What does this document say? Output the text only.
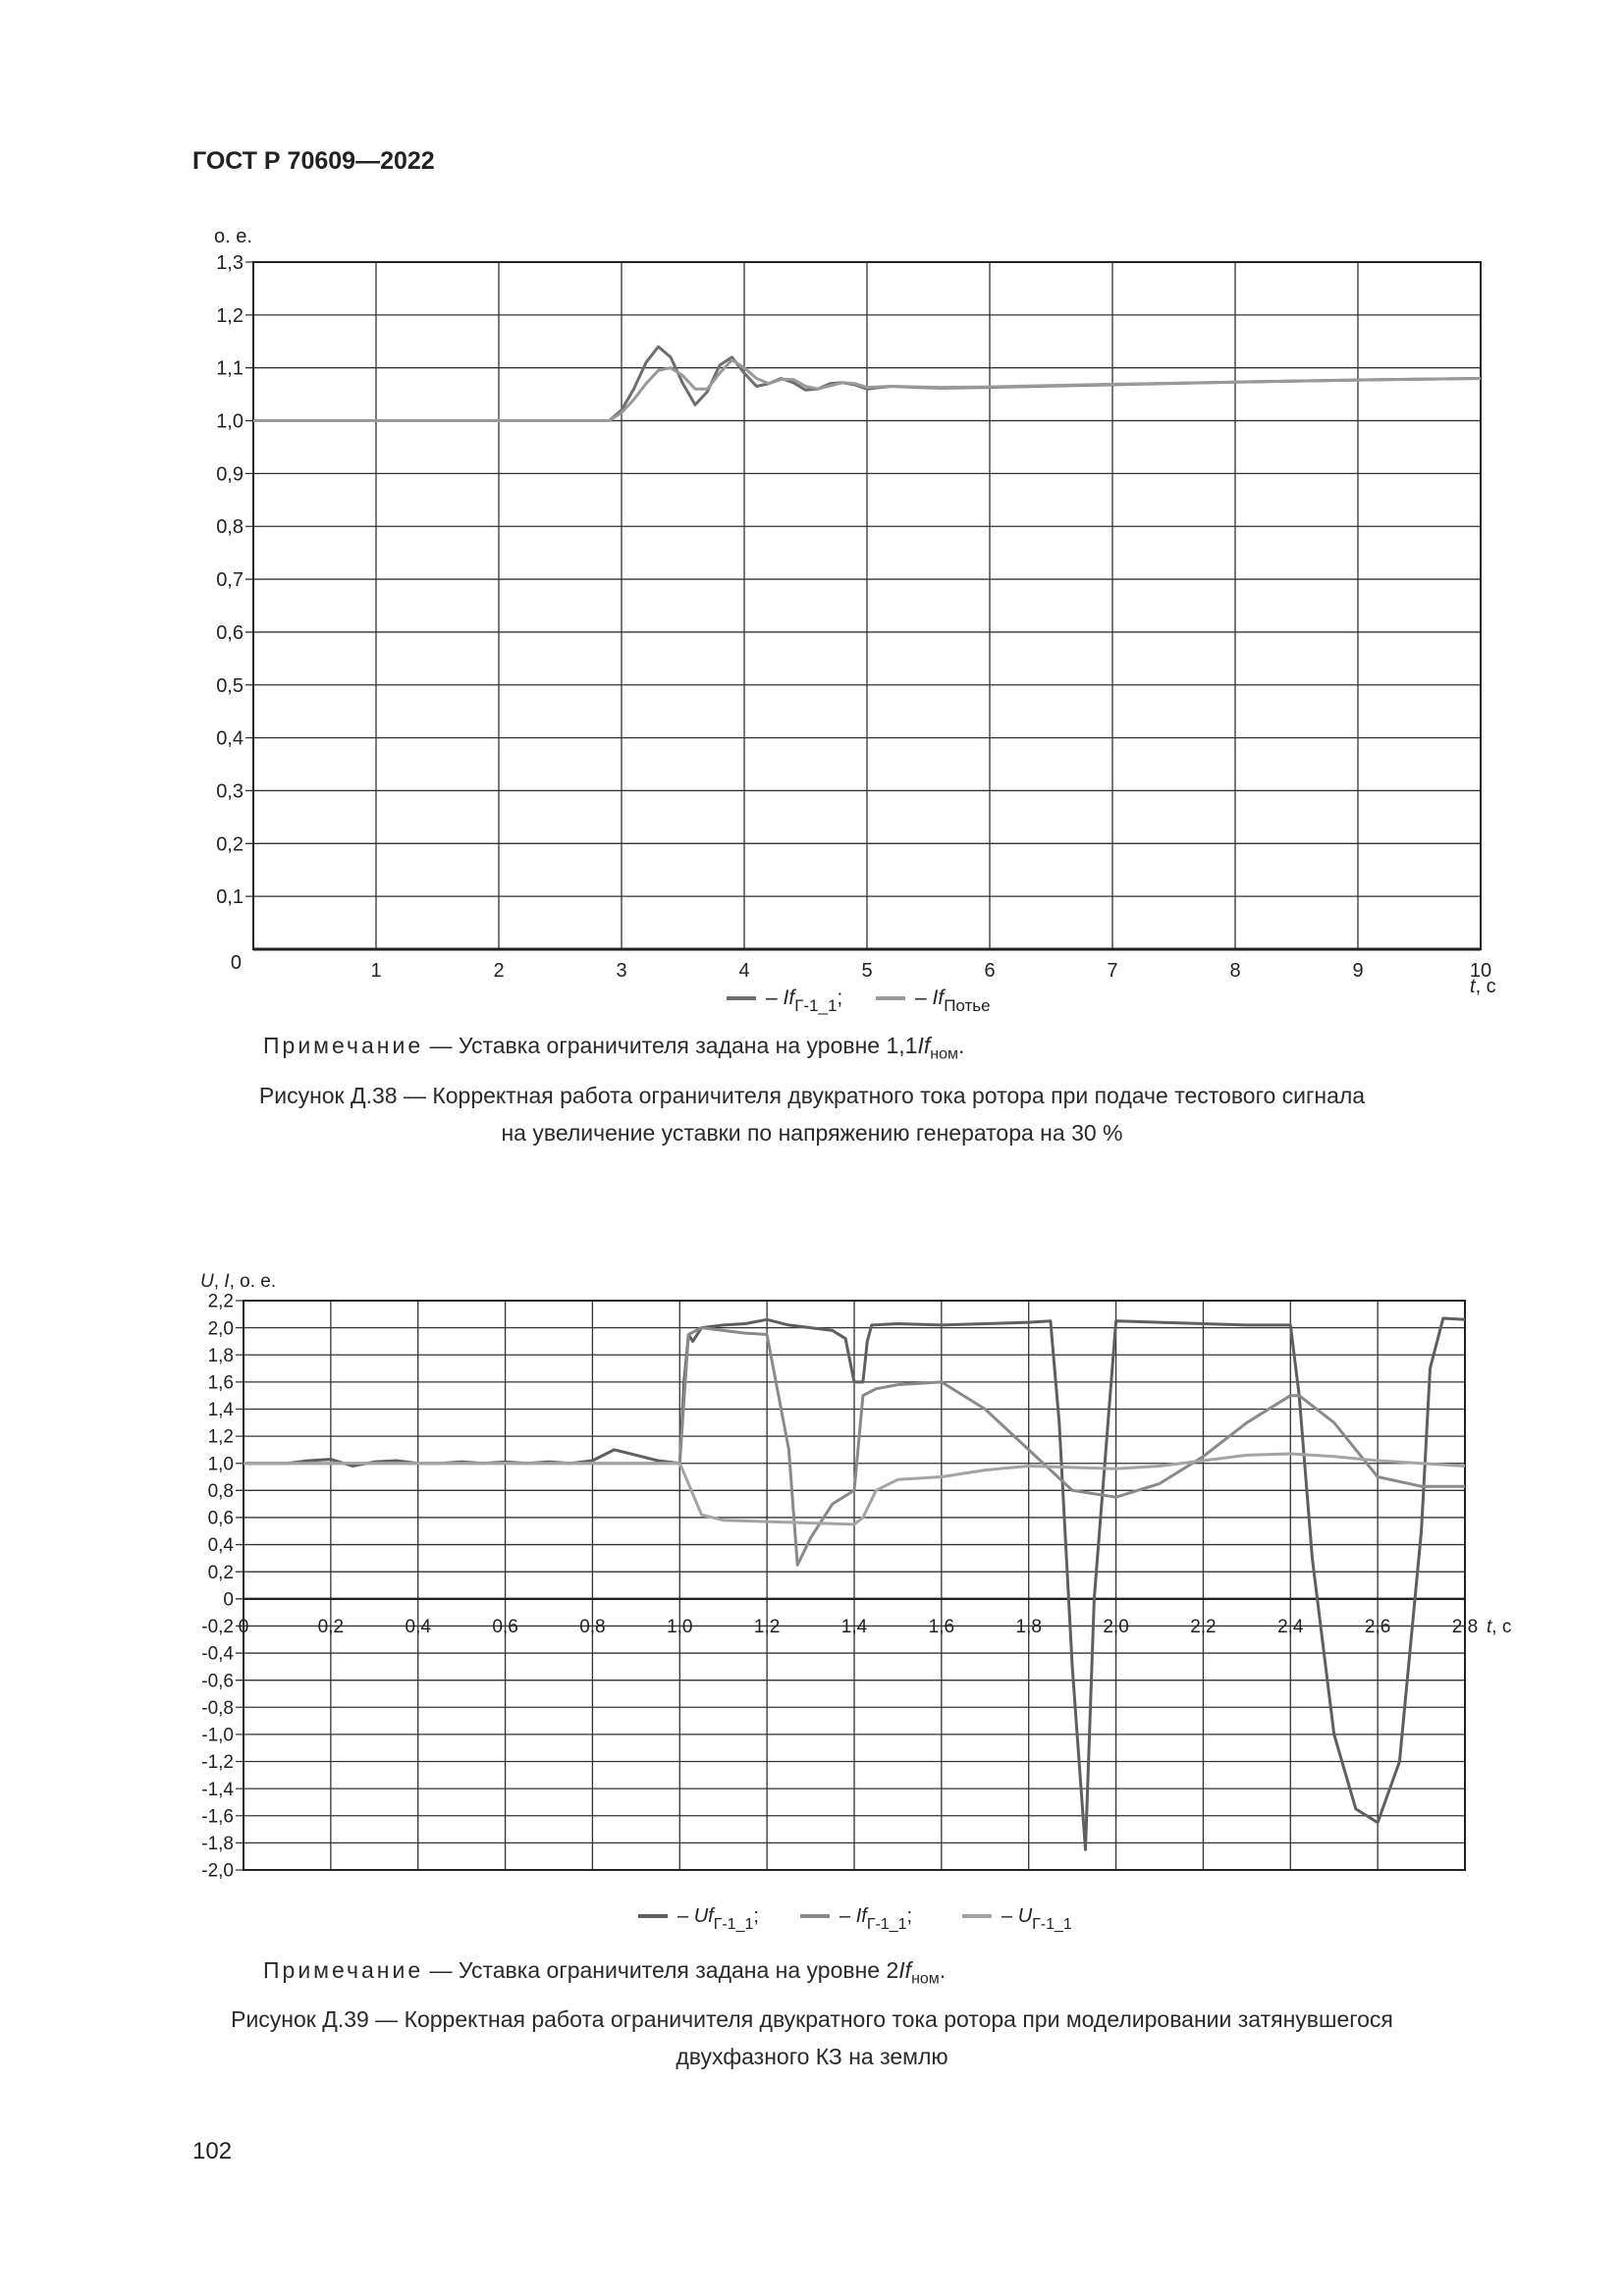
ГОСТ Р 70609—2022
0,1
0,2
0,3
0,4
0,5
0,6
0,7
0,8
0,9
1,0
1,1
1,2
1,3
1	2	3	4	5	6	7	8	9	10
0
– $If_{Г-1\_1}$;	– $If_{Потье}$
о. е.
t, с
Примечание — Уставка ограничителя задана на уровне $1,1If_{ном}$.
Рисунок Д.38 — Корректная работа ограничителя двукратного тока ротора при подаче тестового сигнала
на увеличение уставки по напряжению генератора на 30 %
-2,0
-1,8
-1,6
-1,4
-1,2
-1,0
-0,8
-0,6
-0,4
-0,2
0
0,2
0,4
0,6
0,8
1,0
1,2
1,4
1,6
1,8
2,0
2,2
0	0,2	0,4	0,6	0,8	1,0	1,2	1,4	1,6	1,8	2,0	2,2	2,4	2,6	2,8
– $Uf_{Г-1\_1}$;	– $If_{Г-1\_1}$;	– $U_{Г-1\_1}$
U, I, о. е.
t, с
Примечание — Уставка ограничителя задана на уровне $2If_{ном}$.
Рисунок Д.39 — Корректная работа ограничителя двукратного тока ротора при моделировании затянувшегося
двухфазного КЗ на землю
102
